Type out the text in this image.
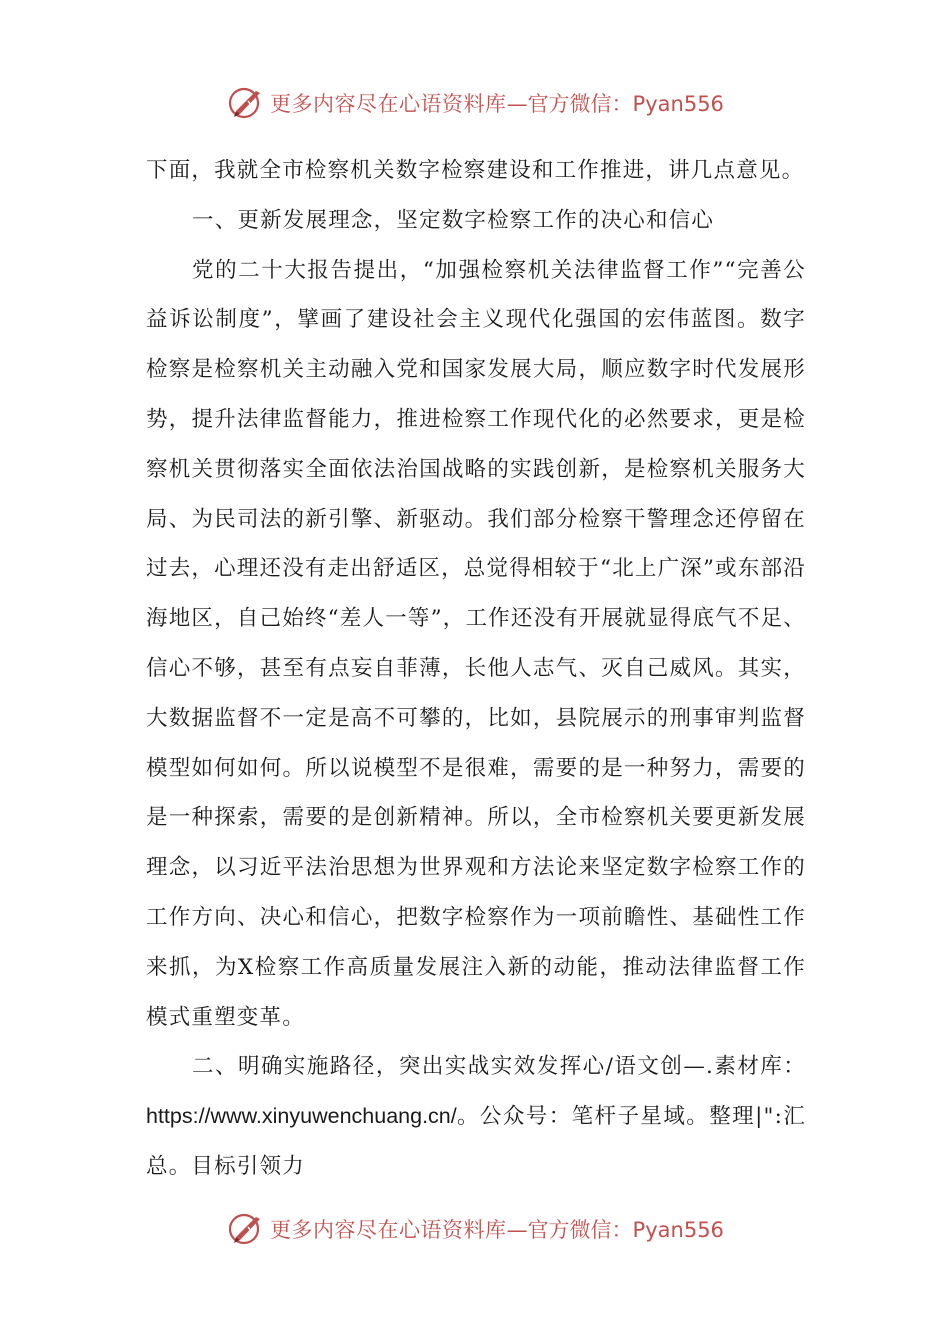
更多内容尽在心语资料库 —官方微信：Pyan556

下面，我就全市检察机关数字检察建设和工作推进，讲几点意见。

一、更新发展理念，坚定数字检察工作的决心和信心

党的二十大报告提出，“加强检察机关法律监督工作”“完善公益诉讼制度”，擘画了建设社会主义现代化强国的宏伟蓝图。数字检察是检察机关主动融入党和国家发展大局，顺应数字时代发展形势，提升法律监督能力，推进检察工作现代化的必然要求，更是检察机关贯彻落实全面依法治国战略的实践创新，是检察机关服务大局、为民司法的新引擎、新驱动。我们部分检察干警理念还停留在过去，心理还没有走出舒适区，总觉得相较于“北上广深”或东部沿海地区，自己始终“差人一等”，工作还没有开展就显得底气不足、信心不够，甚至有点妄自菲薄，长他人志气、灭自己威风。其实，大数据监督不一定是高不可攀的，比如，县院展示的刑事审判监督模型如何如何。所以说模型不是很难，需要的是一种努力，需要的是一种探索，需要的是创新精神。所以，全市检察机关要更新发展理念，以习近平法治思想为世界观和方法论来坚定数字检察工作的工作方向、决心和信心，把数字检察作为一项前瞻性、基础性工作来抓，为X检察工作高质量发展注入新的动能，推动法律监督工作模式重塑变革。

二、明确实施路径，突出实战实效发挥心/语文创—.素材库：https://www.xinyuwenchuang.cn/。公众号：笔杆子星域。整理|":汇总。目标引领力

更多内容尽在心语资料库 —官方微信：Pyan556
